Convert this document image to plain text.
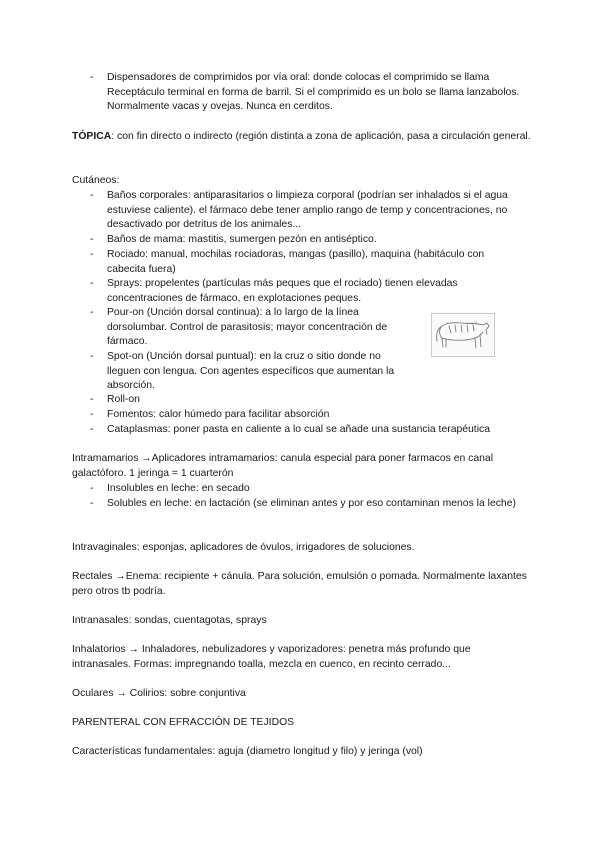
-	Dispensadores de comprimidos por vía oral: donde colocas el comprimido se llama Receptáculo terminal en forma de barril. Si el comprimido es un bolo se llama lanzabolos. Normalmente vacas y ovejas. Nunca en cerditos.

TÓPICA: con fin directo o indirecto (región distinta a zona de aplicación, pasa a circulación general.

Cutáneos:

-	Baños corporales: antiparasitarios o limpieza corporal (podrían ser inhalados si el agua estuviese caliente). el fármaco debe tener amplio rango de temp y concentraciones, no desactivado por detritus de los animales...
-	Baños de mama: mastitis, sumergen pezón en antiséptico.
-	Rociado: manual, mochilas rociadoras, mangas (pasillo), maquina (habitáculo con cabecita fuera)
-	Sprays: propelentes (partículas más peques que el rociado) tienen elevadas concentraciones de fármaco, en explotaciones peques.
-	Pour-on (Unción dorsal continua): a lo largo de la línea dorsolumbar. Control de parasitosis; mayor concentración de fármaco.
-	Spot-on (Unción dorsal puntual): en la cruz o sitio donde no lleguen con lengua. Con agentes específicos que aumentan la absorción.
-	Roll-on
-	Fomentos: calor húmedo para facilitar absorción
-	Cataplasmas: poner pasta en caliente a lo cual se añade una sustancia terapéutica

Intramamarios →Aplicadores intramamarios: canula especial para poner farmacos en canal galactóforo. 1 jeringa = 1 cuarterón

-	Insolubles en leche: en secado
-	Solubles en leche: en lactación (se eliminan antes y por eso contaminan menos la leche)

Intravaginales: esponjas, aplicadores de óvulos, irrigadores de soluciones.

Rectales →Enema: recipiente + cánula. Para solución, emulsión o pomada. Normalmente laxantes pero otros tb podría.

Intranasales: sondas, cuentagotas, sprays

Inhalatorios → Inhaladores, nebulizadores y vaporizadores: penetra más profundo que intranasales. Formas: impregnando toalla, mezcla en cuenco, en recinto cerrado...

Oculares → Colirios: sobre conjuntiva

PARENTERAL CON EFRACCIÓN DE TEJIDOS

Características fundamentales: aguja (diametro longitud y filo) y jeringa (vol)
